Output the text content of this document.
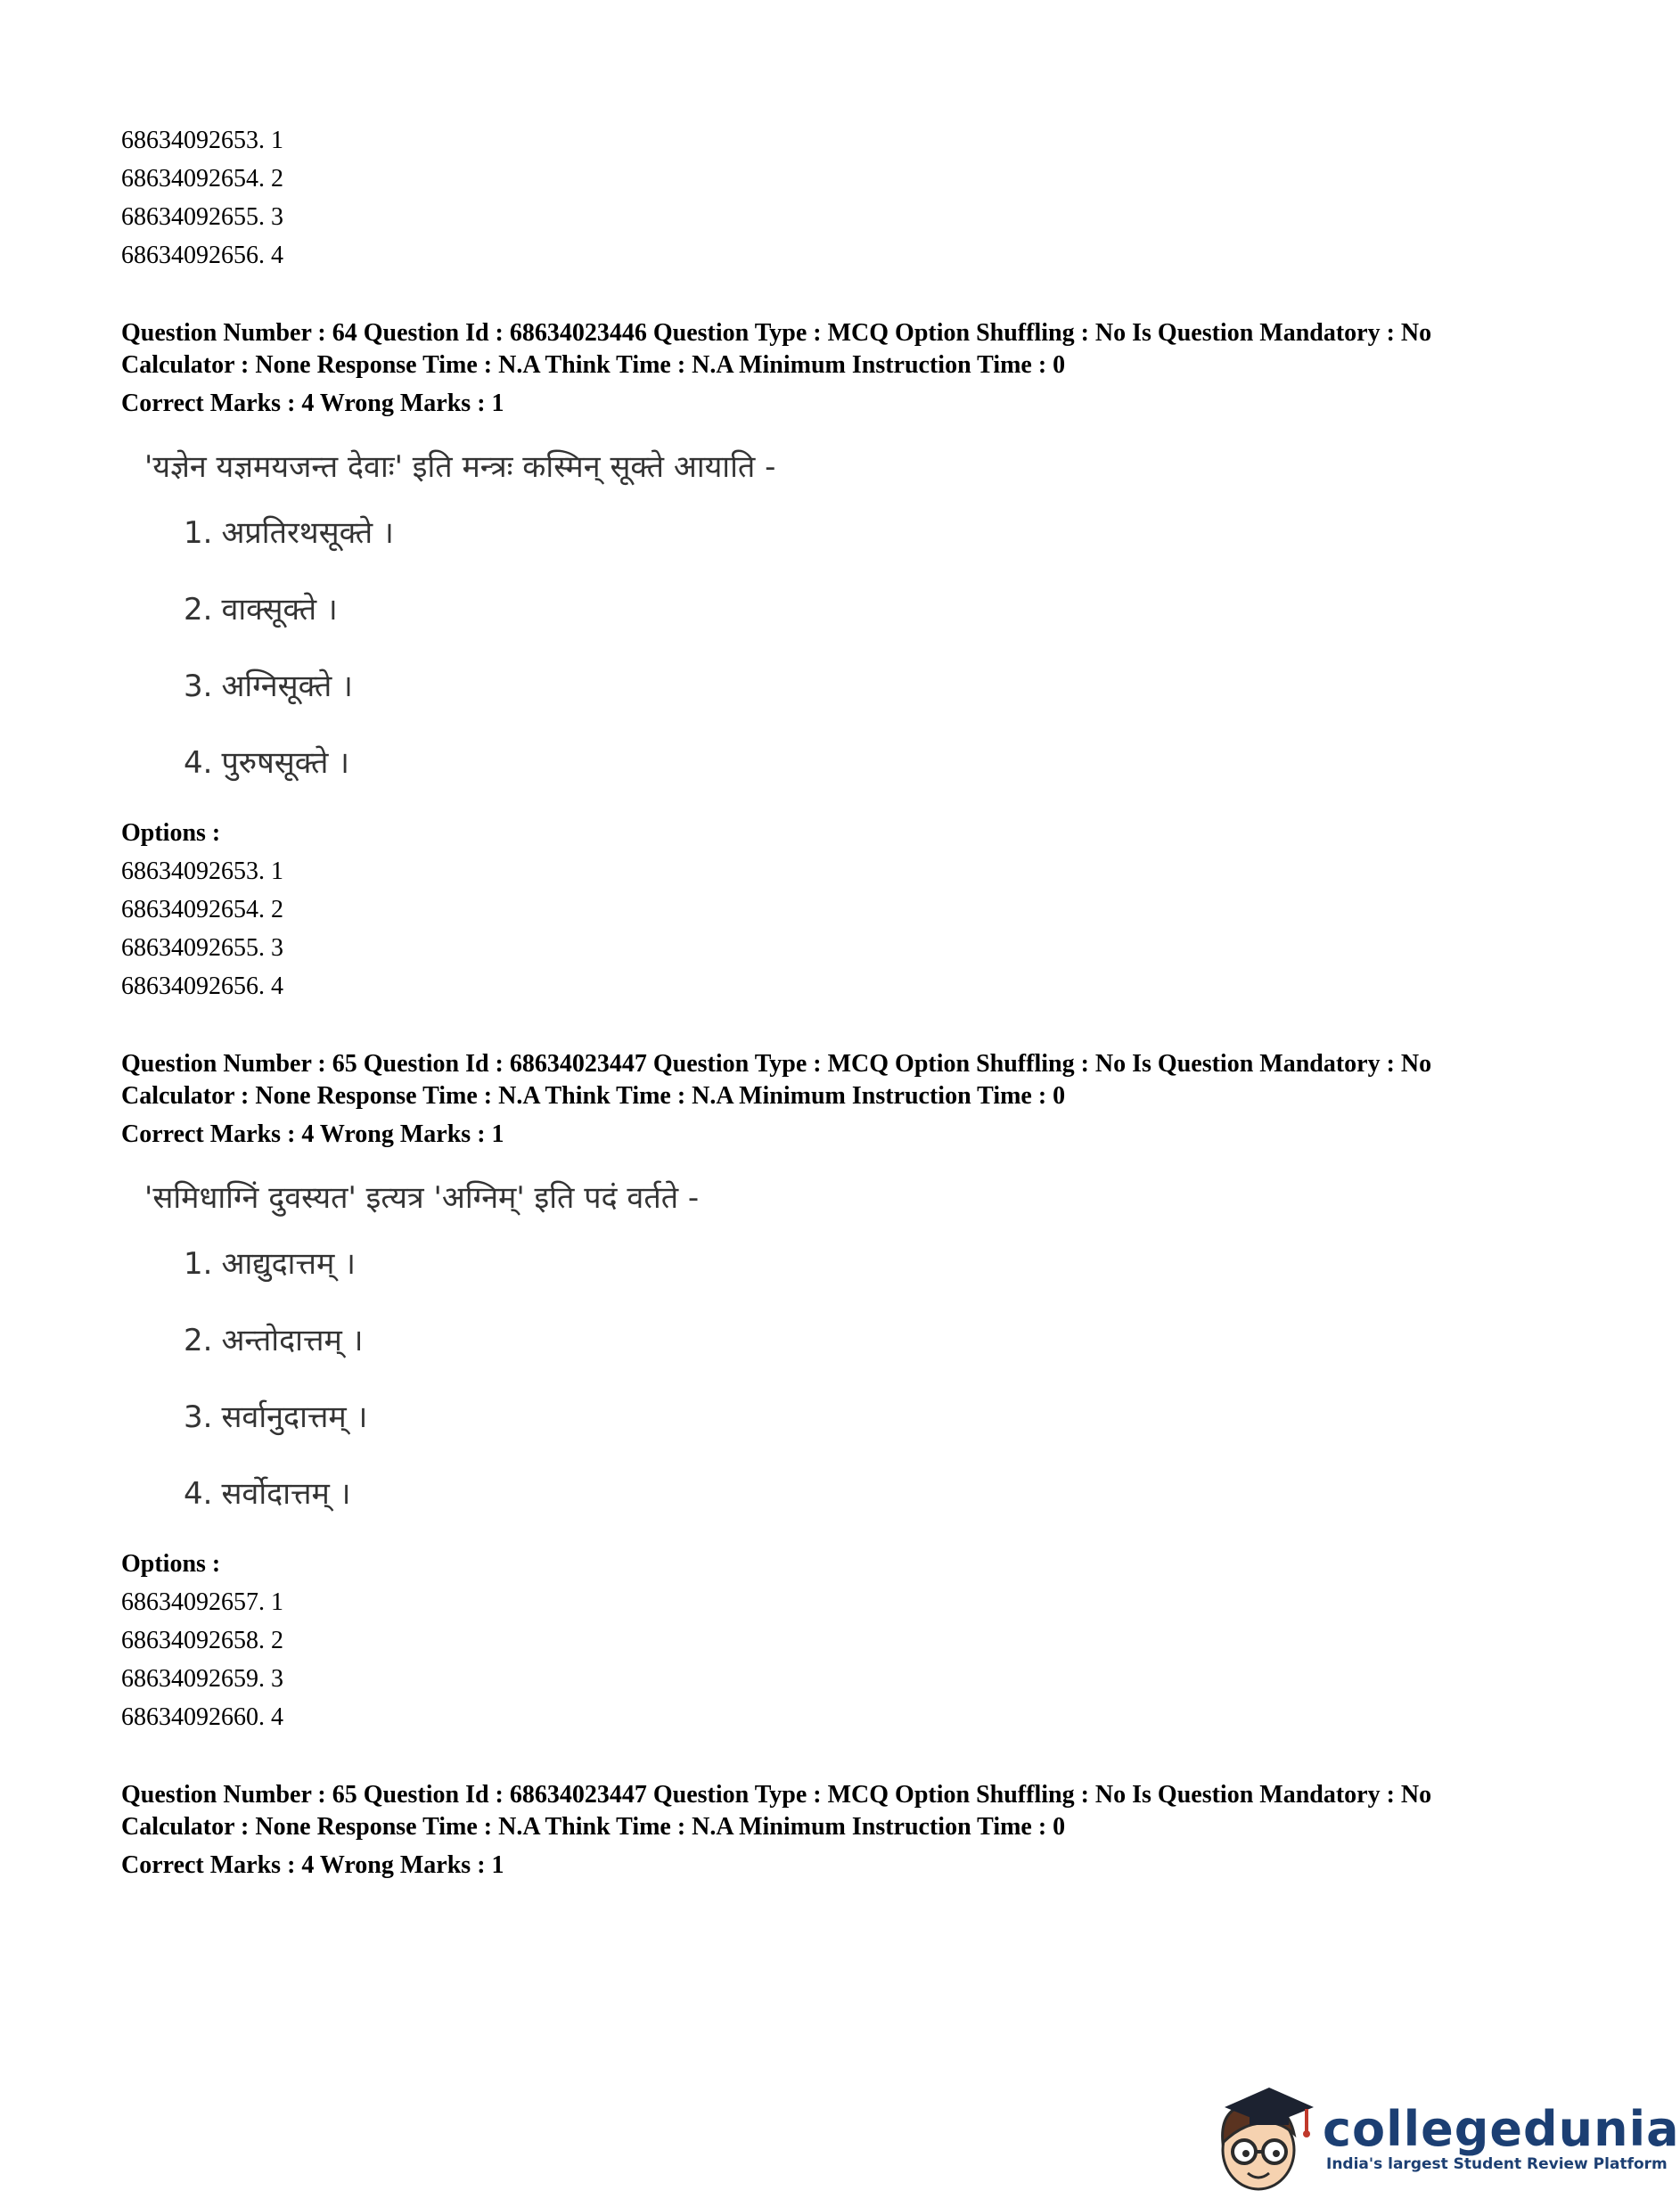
68634092653. 1
68634092654. 2
68634092655. 3
68634092656. 4

Question Number : 64 Question Id : 68634023446 Question Type : MCQ Option Shuffling : No Is Question Mandatory : No Calculator : None Response Time : N.A Think Time : N.A Minimum Instruction Time : 0

Correct Marks : 4 Wrong Marks : 1
'यज्ञेन यज्ञमयजन्त देवाः' इति मन्त्रः कस्मिन् सूक्ते आयाति -
1. अप्रतिरथसूक्ते ।
2. वाक्सूक्ते ।
3. अग्निसूक्ते ।
4. पुरुषसूक्ते ।
Options :
68634092653. 1
68634092654. 2
68634092655. 3
68634092656. 4

Question Number : 65 Question Id : 68634023447 Question Type : MCQ Option Shuffling : No Is Question Mandatory : No Calculator : None Response Time : N.A Think Time : N.A Minimum Instruction Time : 0

Correct Marks : 4 Wrong Marks : 1
'समिधाग्निं दुवस्यत' इत्यत्र 'अग्निम्' इति पदं वर्तते -
1. आद्युदात्तम् ।
2. अन्तोदात्तम् ।
3. सर्वानुदात्तम् ।
4. सर्वोदात्तम् ।
Options :
68634092657. 1
68634092658. 2
68634092659. 3
68634092660. 4

Question Number : 65 Question Id : 68634023447 Question Type : MCQ Option Shuffling : No Is Question Mandatory : No Calculator : None Response Time : N.A Think Time : N.A Minimum Instruction Time : 0

Correct Marks : 4 Wrong Marks : 1
collegedunia
India's largest Student Review Platform
